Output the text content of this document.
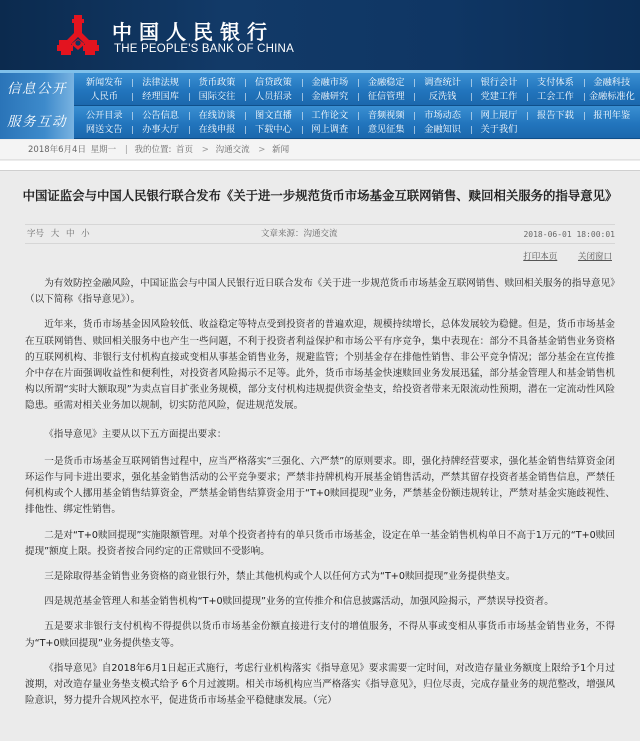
中国人民银行
THE PEOPLE'S BANK OF CHINA
信息公开	新闻发布	法律法规	货币政策	信贷政策	金融市场	金融稳定	调查统计	银行会计	支付体系	金融科技
人民币	经理国库	国际交往	人员招录	金融研究	征信管理	反洗钱	党建工作	工会工作	金融标准化
服务互动	公开目录	公告信息	在线访谈	图文直播	工作论文	音频视频	市场动态	网上展厅	报告下载	报刊年鉴
网送文告	办事大厅	在线申报	下载中心	网上调查	意见征集	金融知识	关于我们
2018年6月4日 星期一 | 我的位置: 首页 > 沟通交流 > 新闻
中国证监会与中国人民银行联合发布《关于进一步规范货币市场基金互联网销售、赎回相关服务的指导意见》
字号 大 中 小	文章来源：沟通交流	2018-06-01 18:00:01
打印本页 关闭窗口

为有效防控金融风险，中国证监会与中国人民银行近日联合发布《关于进一步规范货币市场基金互联网销售、赎回相关服务的指导意见》（以下简称《指导意见》）。

近年来，货币市场基金因风险较低、收益稳定等特点受到投资者的普遍欢迎，规模持续增长，总体发展较为稳健。但是，货币市场基金在互联网销售、赎回相关服务中也产生一些问题，不利于投资者利益保护和市场公平有序竞争，集中表现在：部分不具备基金销售业务资格的互联网机构、非银行支付机构直接或变相从事基金销售业务，规避监管；个别基金存在排他性销售、非公平竞争情况；部分基金在宣传推介中存在片面强调收益性和便利性，对投资者风险揭示不足等。此外，货币市场基金快速赎回业务发展迅猛，部分基金管理人和基金销售机构以所谓“实时大额取现”为卖点盲目扩张业务规模，部分支付机构违规提供资金垫支，给投资者带来无限流动性预期，潜在一定流动性风险隐患。亟需对相关业务加以规制，切实防范风险，促进规范发展。

《指导意见》主要从以下五方面提出要求：

一是货币市场基金互联网销售过程中，应当严格落实“三强化、六严禁”的原则要求。即，强化持牌经营要求，强化基金销售结算资金闭环运作与同卡进出要求，强化基金销售活动的公平竞争要求；严禁非持牌机构开展基金销售活动，严禁其留存投资者基金销售信息，严禁任何机构或个人挪用基金销售结算资金，严禁基金销售结算资金用于“T+0赎回提现”业务，严禁基金份额违规转让，严禁对基金实施歧视性、排他性、绑定性销售。

二是对“T+0赎回提现”实施限额管理。对单个投资者持有的单只货币市场基金，设定在单一基金销售机构单日不高于1万元的“T+0赎回提现”额度上限。投资者按合同约定的正常赎回不受影响。

三是除取得基金销售业务资格的商业银行外，禁止其他机构或个人以任何方式为“T+0赎回提现”业务提供垫支。

四是规范基金管理人和基金销售机构“T+0赎回提现”业务的宣传推介和信息披露活动，加强风险揭示，严禁误导投资者。

五是要求非银行支付机构不得提供以货币市场基金份额直接进行支付的增值服务，不得从事或变相从事货币市场基金销售业务，不得为“T+0赎回提现”业务提供垫支等。

《指导意见》自2018年6月1日起正式施行，考虑行业机构落实《指导意见》要求需要一定时间，对改造存量业务额度上限给予1个月过渡期，对改造存量业务垫支模式给予 6个月过渡期。相关市场机构应当严格落实《指导意见》，归位尽责，完成存量业务的规范整改，增强风险意识，努力提升合规风控水平，促进货币市场基金平稳健康发展。（完）
